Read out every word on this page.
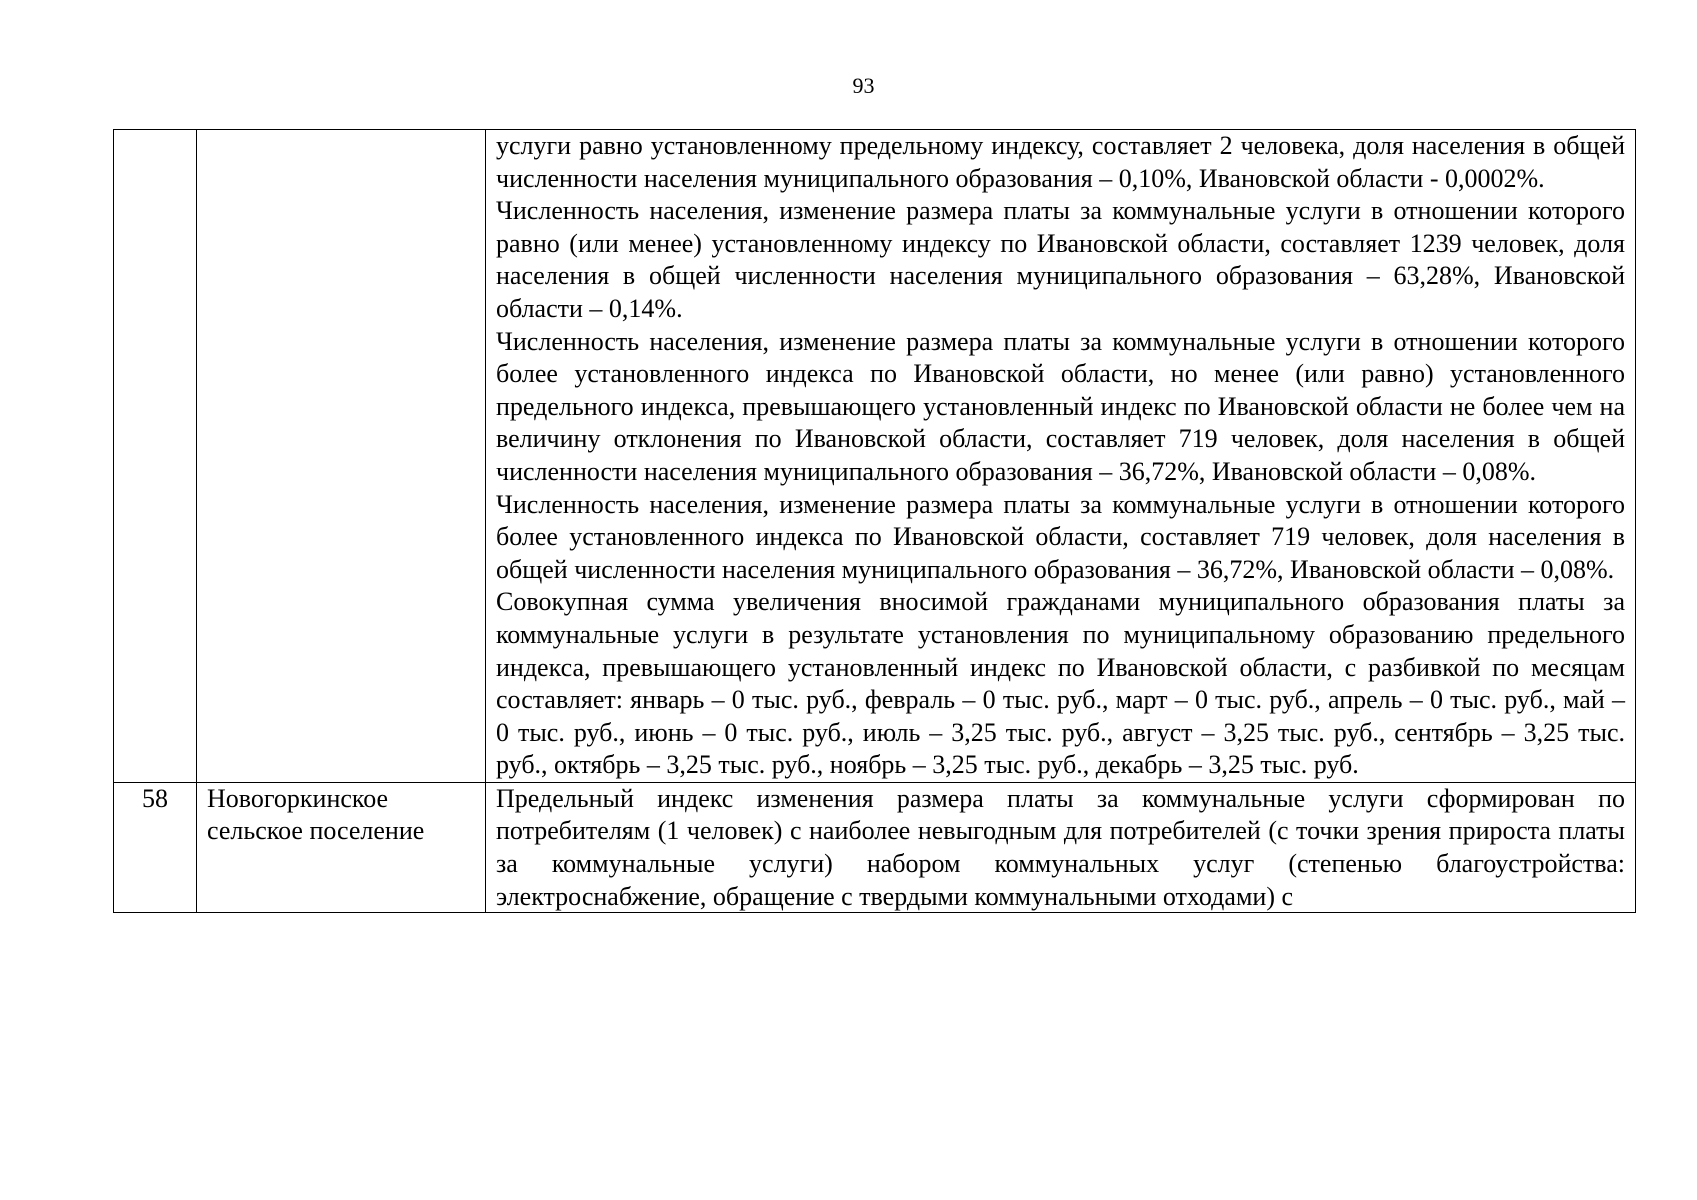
93

		услуги равно установленному предельному индексу, составляет 2 человека, доля населения в общей численности населения муниципального образования – 0,10%, Ивановской области - 0,0002%.

Численность населения, изменение размера платы за коммунальные услуги в отношении которого равно (или менее) установленному индексу по Ивановской области, составляет 1239 человек, доля населения в общей численности населения муниципального образования – 63,28%, Ивановской области – 0,14%.

Численность населения, изменение размера платы за коммунальные услуги в отношении которого более установленного индекса по Ивановской области, но менее (или равно) установленного предельного индекса, превышающего установленный индекс по Ивановской области не более чем на величину отклонения по Ивановской области, составляет 719 человек, доля населения в общей численности населения муниципального образования – 36,72%, Ивановской области – 0,08%.

Численность населения, изменение размера платы за коммунальные услуги в отношении которого более установленного индекса по Ивановской области, составляет 719 человек, доля населения в общей численности населения муниципального образования – 36,72%, Ивановской области – 0,08%.

Совокупная сумма увеличения вносимой гражданами муниципального образования платы за коммунальные услуги в результате установления по муниципальному образованию предельного индекса, превышающего установленный индекс по Ивановской области, с разбивкой по месяцам составляет: январь – 0 тыс. руб., февраль – 0 тыс. руб., март – 0 тыс. руб., апрель – 0 тыс. руб., май – 0 тыс. руб., июнь – 0 тыс. руб., июль – 3,25 тыс. руб., август – 3,25 тыс. руб., сентябрь – 3,25 тыс. руб., октябрь – 3,25 тыс. руб., ноябрь – 3,25 тыс. руб., декабрь – 3,25 тыс. руб.

58	Новогоркинское сельское поселение	Предельный индекс изменения размера платы за коммунальные услуги сформирован по потребителям (1 человек) с наиболее невыгодным для потребителей (с точки зрения прироста платы за коммунальные услуги) набором коммунальных услуг (степенью благоустройства: электроснабжение, обращение с твердыми коммунальными отходами) с
